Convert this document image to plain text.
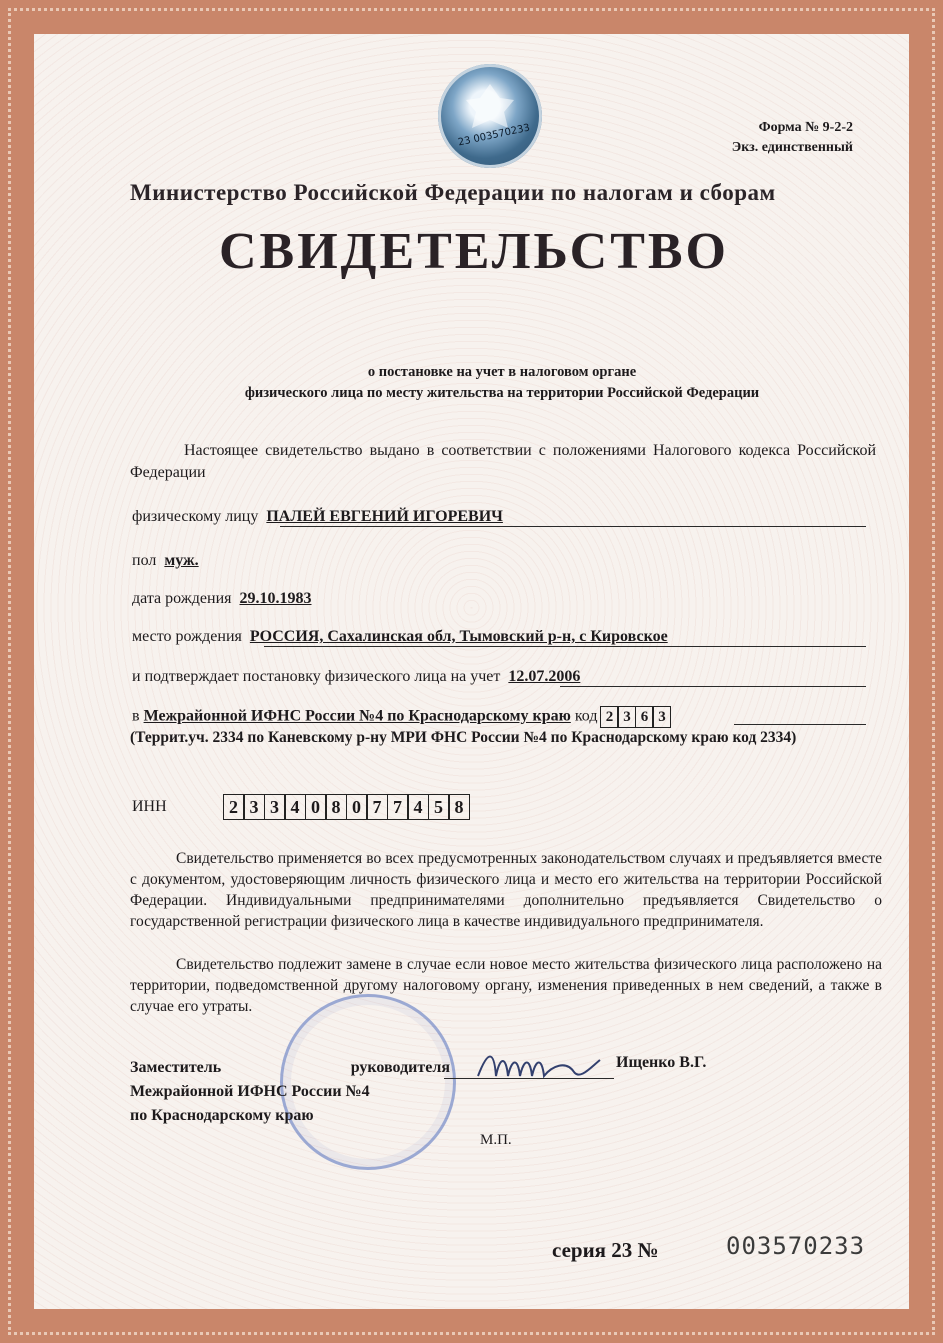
23 003570233	Форма № 9-2-2
Экз. единственный
Министерство Российской Федерации по налогам и сборам
СВИДЕТЕЛЬСТВО
о постановке на учет в налоговом органе
физического лица по месту жительства на территории Российской Федерации
Настоящее свидетельство выдано в соответствии с положениями Налогового кодекса Российской Федерации
физическому лицу ПАЛЕЙ ЕВГЕНИЙ ИГОРЕВИЧ
пол муж.
дата рождения 29.10.1983
место рождения РОССИЯ, Сахалинская обл, Тымовский р-н, с Кировское
и подтверждает постановку физического лица на учет 12.07.2006
в Межрайонной ИФНС России №4 по Краснодарскому краю код 2 3 6 3
(Террит.уч. 2334 по Каневскому р-ну МРИ ФНС России №4 по Краснодарскому краю код 2334)
ИНН	2 3 3 4 0 8 0 7 7 4 5 8
Свидетельство применяется во всех предусмотренных законодательством случаях и предъявляется вместе с документом, удостоверяющим личность физического лица и место его жительства на территории Российской Федерации. Индивидуальными предпринимателями дополнительно предъявляется Свидетельство о государственной регистрации физического лица в качестве индивидуального предпринимателя.
Свидетельство подлежит замене в случае если новое место жительства физического лица расположено на территории, подведомственной другому налоговому органу, изменения приведенных в нем сведений, а также в случае его утраты.
Заместитель	руководителя
Межрайонной ИФНС России №4
по Краснодарскому краю
Ищенко В.Г.
М.П.
серия 23 №	003570233
